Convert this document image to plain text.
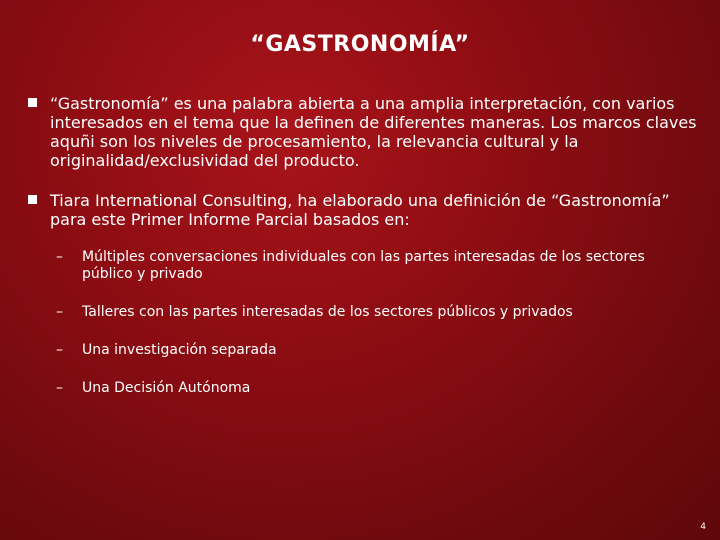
“GASTRONOMÍA”
“Gastronomía” es una palabra abierta a una amplia interpretación, con varios interesados en el tema que la definen de diferentes maneras. Los marcos claves aquñi son los niveles de procesamiento, la relevancia cultural y la originalidad/exclusividad del producto.
Tiara International Consulting, ha elaborado una definición de “Gastronomía” para este Primer Informe Parcial basados en:
– Múltiples conversaciones individuales con las partes interesadas de los sectores público y privado
– Talleres con las partes interesadas de los sectores públicos y privados
– Una investigación separada
– Una Decisión Autónoma
4
